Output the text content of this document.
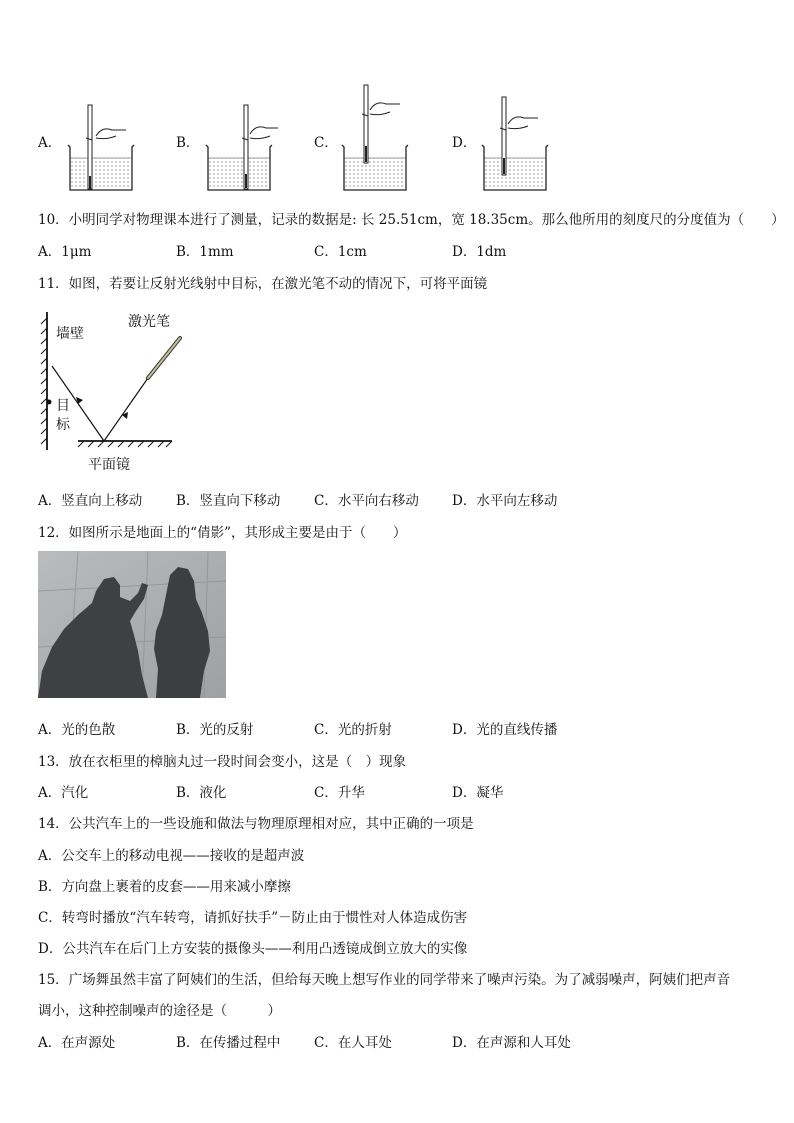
A．	B．	C．	D．
10．小明同学对物理课本进行了测量，记录的数据是: 长 25.51cm，宽 18.35cm。那么他所用的刻度尺的分度值为（　　）
A．1μm	B．1mm	C．1cm	D．1dm
11．如图，若要让反射光线射中目标，在激光笔不动的情况下，可将平面镜
墙壁
激光笔
目
标
平面镜
A．竖直向上移动	B．竖直向下移动 C．水平向右移动 D．水平向左移动
12．如图所示是地面上的“倩影”，其形成主要是由于（　　）
A．光的色散	B．光的反射	C．光的折射	D．光的直线传播
13．放在衣柜里的樟脑丸过一段时间会变小，这是（　）现象
A．汽化	B．液化	C．升华	D．凝华
14．公共汽车上的一些设施和做法与物理原理相对应，其中正确的一项是
A．公交车上的移动电视——接收的是超声波
B．方向盘上裹着的皮套——用来减小摩擦
C．转弯时播放“汽车转弯，请抓好扶手”－防止由于惯性对人体造成伤害
D．公共汽车在后门上方安装的摄像头——利用凸透镜成倒立放大的实像
15．广场舞虽然丰富了阿姨们的生活，但给每天晚上想写作业的同学带来了噪声污染。为了减弱噪声，阿姨们把声音
调小，这种控制噪声的途径是（　　　）
A．在声源处	B．在传播过程中 C．在人耳处	D．在声源和人耳处
